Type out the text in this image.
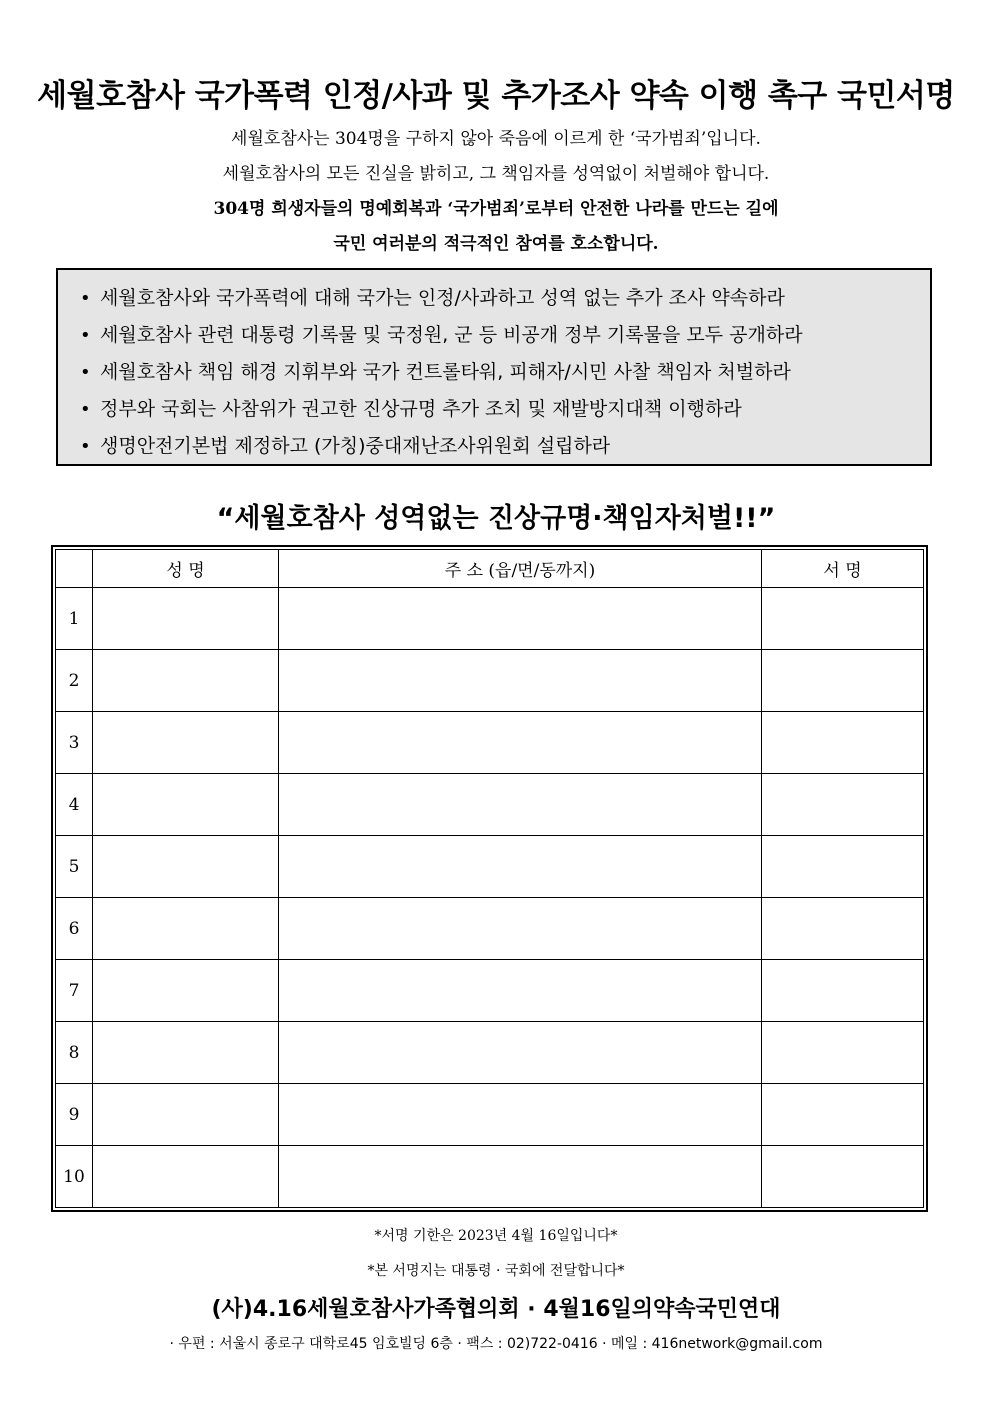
세월호참사 국가폭력 인정/사과 및 추가조사 약속 이행 촉구 국민서명
세월호참사는 304명을 구하지 않아 죽음에 이르게 한 ‘국가범죄’입니다.
세월호참사의 모든 진실을 밝히고, 그 책임자를 성역없이 처벌해야 합니다.
304명 희생자들의 명예회복과 ‘국가범죄’로부터 안전한 나라를 만드는 길에
국민 여러분의 적극적인 참여를 호소합니다.
• 세월호참사와 국가폭력에 대해 국가는 인정/사과하고 성역 없는 추가 조사 약속하라
• 세월호참사 관련 대통령 기록물 및 국정원, 군 등 비공개 정부 기록물을 모두 공개하라
• 세월호참사 책임 해경 지휘부와 국가 컨트롤타워, 피해자/시민 사찰 책임자 처벌하라
• 정부와 국회는 사참위가 권고한 진상규명 추가 조치 및 재발방지대책 이행하라
• 생명안전기본법 제정하고 (가칭)중대재난조사위원회 설립하라
“세월호참사 성역없는 진상규명·책임자처벌!!”
	성 명	주 소 (읍/면/동까지)	서 명
1			
2			
3			
4			
5			
6			
7			
8			
9			
10			
*서명 기한은 2023년 4월 16일입니다*
*본 서명지는 대통령 · 국회에 전달합니다*
(사)4.16세월호참사가족협의회 · 4월16일의약속국민연대
· 우편 : 서울시 종로구 대학로45 임호빌딩 6층 · 팩스 : 02)722-0416 · 메일 : 416network@gmail.com
